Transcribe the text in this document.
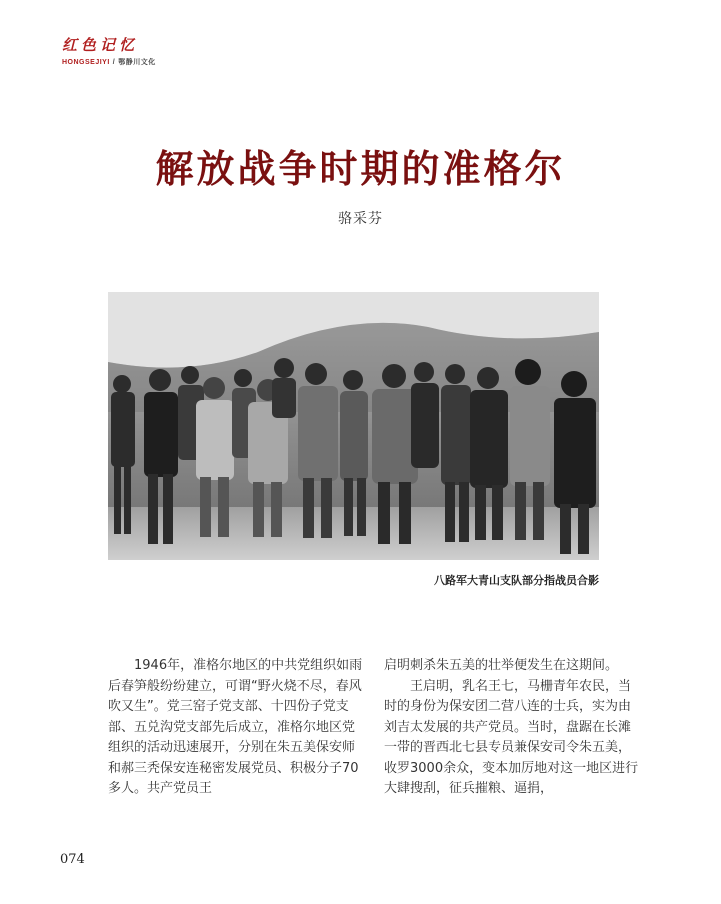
红色记忆
HONGSEJIYI / 鄂静川文化
解放战争时期的准格尔
骆采芬
八路军大青山支队部分指战员合影

1946年，准格尔地区的中共党组织如雨后春笋般纷纷建立，可谓“野火烧不尽，春风吹又生”。党三窑子党支部、十四份子党支部、五兑沟党支部先后成立，准格尔地区党组织的活动迅速展开，分别在朱五美保安师和郝三秃保安连秘密发展党员、积极分子70多人。共产党员王

启明刺杀朱五美的壮举便发生在这期间。

王启明，乳名王七，马栅青年农民，当时的身份为保安团二营八连的士兵，实为由刘吉太发展的共产党员。当时，盘踞在长滩一带的晋西北七县专员兼保安司令朱五美，收罗3000余众，变本加厉地对这一地区进行大肆搜刮，征兵摧粮、逼捐，

074
